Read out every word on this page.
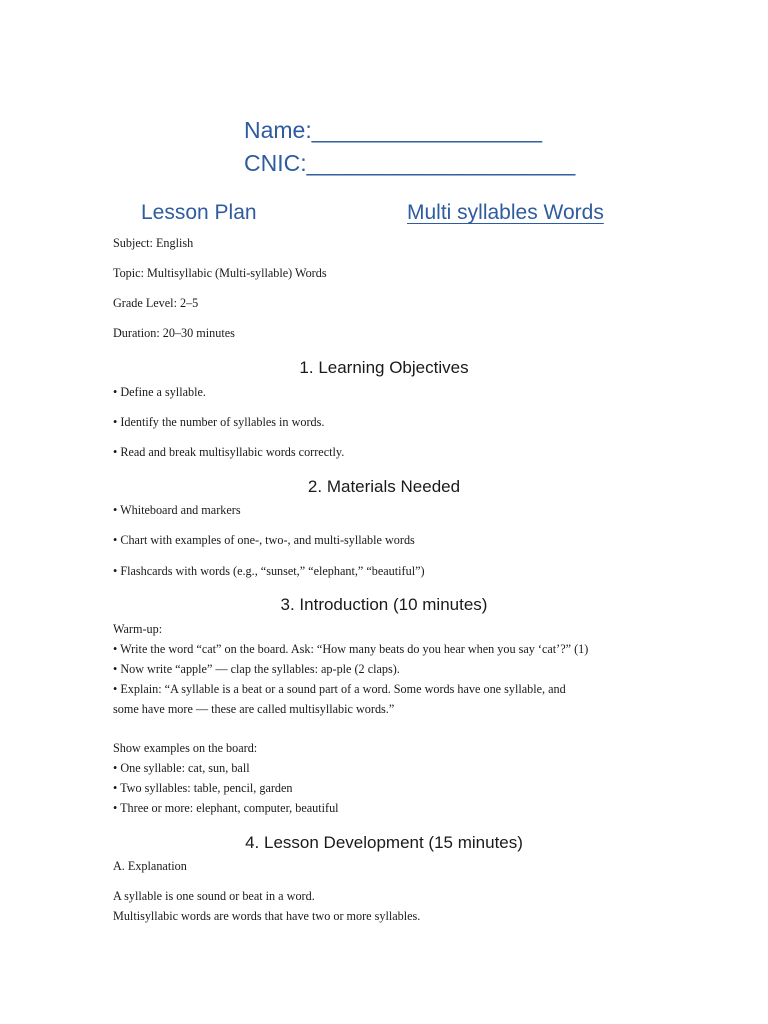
Name:__________________
CNIC:_____________________
Lesson Plan	Multi syllables Words
Subject: English
Topic: Multisyllabic (Multi-syllable) Words
Grade Level: 2–5
Duration: 20–30 minutes
1. Learning Objectives
• Define a syllable.
• Identify the number of syllables in words.
• Read and break multisyllabic words correctly.
2. Materials Needed
• Whiteboard and markers
• Chart with examples of one-, two-, and multi-syllable words
• Flashcards with words (e.g., “sunset,” “elephant,” “beautiful”)
3. Introduction (10 minutes)
Warm-up:
• Write the word “cat” on the board. Ask: “How many beats do you hear when you say ‘cat’?” (1)
• Now write “apple” — clap the syllables: ap-ple (2 claps).
• Explain: “A syllable is a beat or a sound part of a word. Some words have one syllable, and
some have more — these are called multisyllabic words.”
Show examples on the board:
• One syllable: cat, sun, ball
• Two syllables: table, pencil, garden
• Three or more: elephant, computer, beautiful
4. Lesson Development (15 minutes)
A. Explanation
A syllable is one sound or beat in a word.
Multisyllabic words are words that have two or more syllables.
